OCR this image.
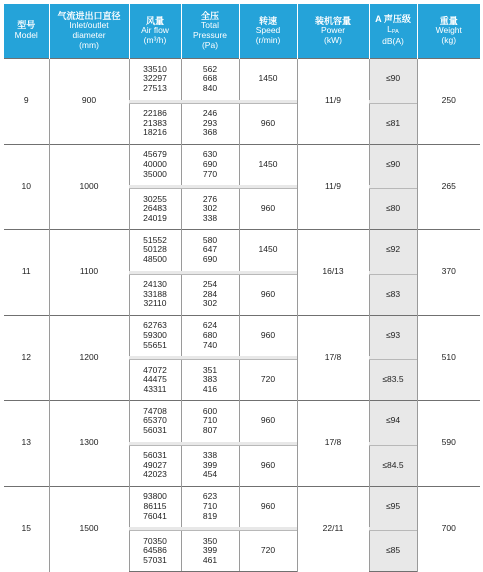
型号
Model	气流进出口直径
Inlet/outlet
diameter
(mm)	风量
Air flow
(m³/h)	全压
Total
Pressure
(Pa)	转速
Speed
(r/min)	装机容量
Power
(kW)	A 声压级
LPA
dB(A)	重量
Weight
(kg)

9	900	33510
32297
27513	562
668
840	1450	11/9	≤90	250

		22186
21383
18216	246
293
368	960		≤81	
10	1000	45679
40000
35000	630
690
770	1450	11/9	≤90	265

		30255
26483
24019	276
302
338	960		≤80	
11	1100	51552
50128
48500	580
647
690	1450	16/13	≤92	370

		24130
33188
32110	254
284
302	960		≤83	
12	1200	62763
59300
55651	624
680
740	960	17/8	≤93	510

		47072
44475
43311	351
383
416	720		≤83.5	
13	1300	74708
65370
56031	600
710
807	960	17/8	≤94	590

		56031
49027
42023	338
399
454	960		≤84.5	
15	1500	93800
86115
76041	623
710
819	960	22/11	≤95	700

		70350
64586
57031	350
399
461	720		≤85	
